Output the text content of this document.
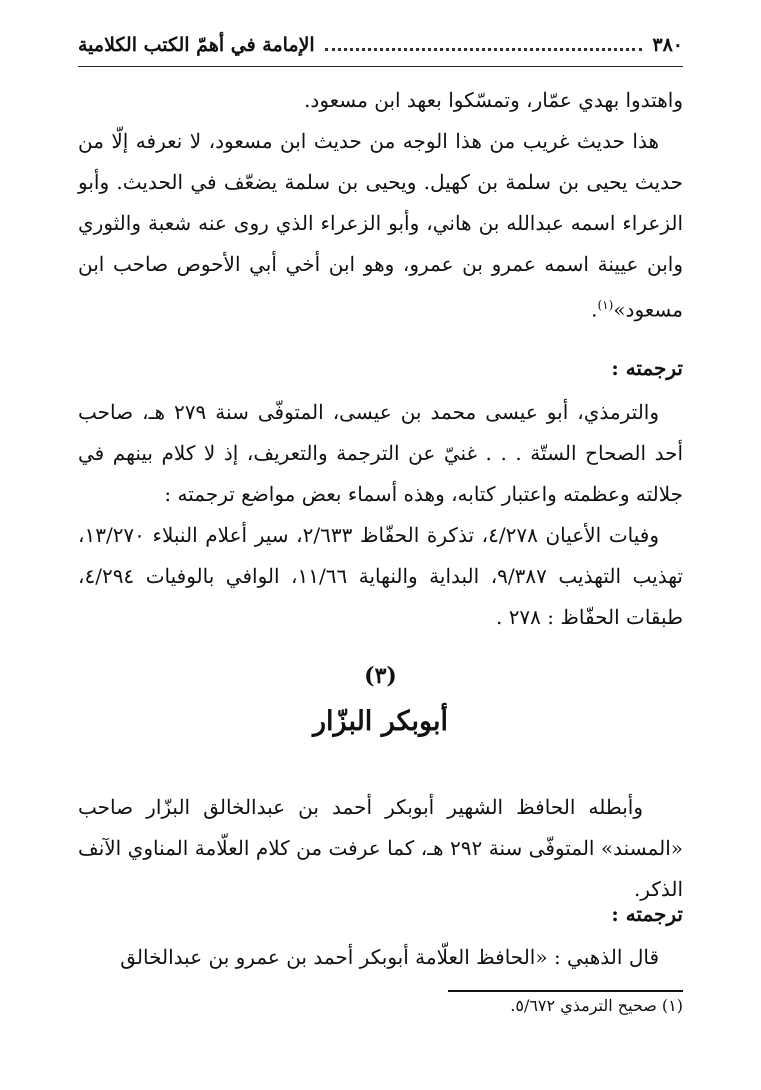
٣٨٠
الإمامة في أهمّ الكتب الكلامية
واهتدوا بهدي عمّار، وتمسّكوا بعهد ابن مسعود.
هذا حديث غريب من هذا الوجه من حديث ابن مسعود، لا نعرفه إلّا من حديث يحيى بن سلمة بن كهيل. ويحيى بن سلمة يضعّف في الحديث. وأبو الزعراء اسمه عبدالله بن هاني، وأبو الزعراء الذي روى عنه شعبة والثوري وابن عيينة اسمه عمرو بن عمرو، وهو ابن أخي أبي الأحوص صاحب ابن مسعود»$^{(١)}$.
ترجمته :
والترمذي، أبو عيسى محمد بن عيسى، المتوفّى سنة ٢٧٩ هـ، صاحب أحد الصحاح الستّة . . . غنيّ عن الترجمة والتعريف، إذ لا كلام بينهم في جلالته وعظمته واعتبار كتابه، وهذه أسماء بعض مواضع ترجمته :
وفيات الأعيان ٤/٢٧٨، تذكرة الحفّاظ ٢/٦٣٣، سير أعلام النبلاء ١٣/٢٧٠، تهذيب التهذيب ٩/٣٨٧، البداية والنهاية ١١/٦٦، الوافي بالوفيات ٤/٢٩٤، طبقات الحفّاظ : ٢٧٨ .
(٣)
أبوبكر البزّار
وأبطله الحافظ الشهير أبوبكر أحمد بن عبدالخالق البزّار صاحب «المسند» المتوفّى سنة ٢٩٢ هـ، كما عرفت من كلام العلّامة المناوي الآنف الذكر.
ترجمته :
قال الذهبي : «الحافظ العلّامة أبوبكر أحمد بن عمرو بن عبدالخالق
(١) صحيح الترمذي ٥/٦٧٢.
